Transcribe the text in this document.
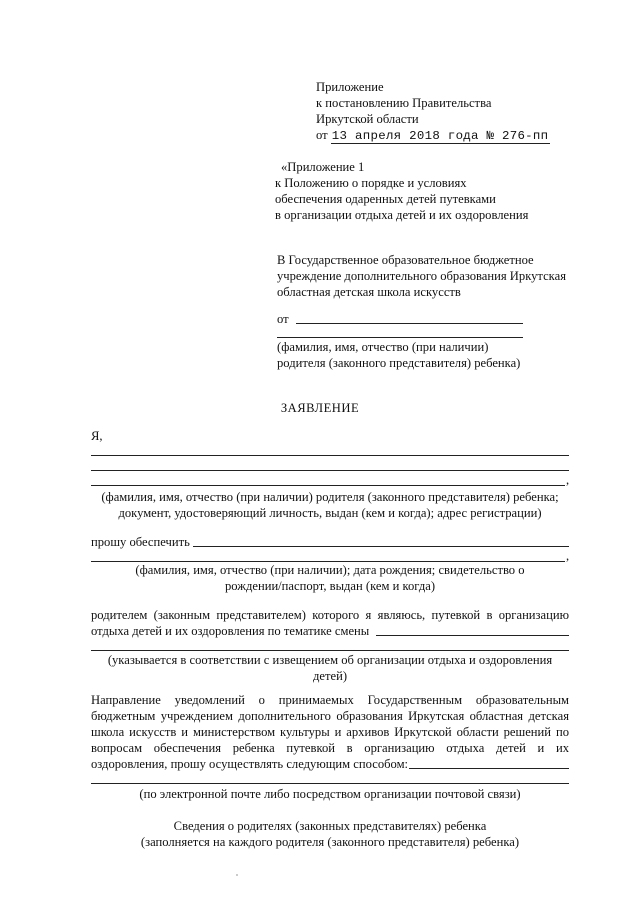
Приложение
к постановлению Правительства
Иркутской области
от 13 апреля 2018 года № 276-пп
«Приложение 1
к Положению о порядке и условиях
обеспечения одаренных детей путевками
в организации отдыха детей и их оздоровления
В Государственное образовательное бюджетное
учреждение дополнительного образования Иркутская
областная детская школа искусств
от
(фамилия, имя, отчество (при наличии)
родителя (законного представителя) ребенка)
ЗАЯВЛЕНИЕ
Я,
,
(фамилия, имя, отчество (при наличии) родителя (законного представителя) ребенка;
документ, удостоверяющий личность, выдан (кем и когда); адрес регистрации)
прошу обеспечить
,
(фамилия, имя, отчество (при наличии); дата рождения; свидетельство о
рождении/паспорт, выдан (кем и когда)
родителем (законным представителем) которого я являюсь, путевкой в организацию
отдыха детей и их оздоровления по тематике смены
(указывается в соответствии с извещением об организации отдыха и оздоровления
детей)
Направление уведомлений о принимаемых Государственным образовательным
бюджетным учреждением дополнительного образования Иркутская областная детская
школа искусств и министерством культуры и архивов Иркутской области решений по
вопросам обеспечения ребенка путевкой в организацию отдыха детей и их
оздоровления, прошу осуществлять следующим способом:
(по электронной почте либо посредством организации почтовой связи)
Сведения о родителях (законных представителях) ребенка
(заполняется на каждого родителя (законного представителя) ребенка)
